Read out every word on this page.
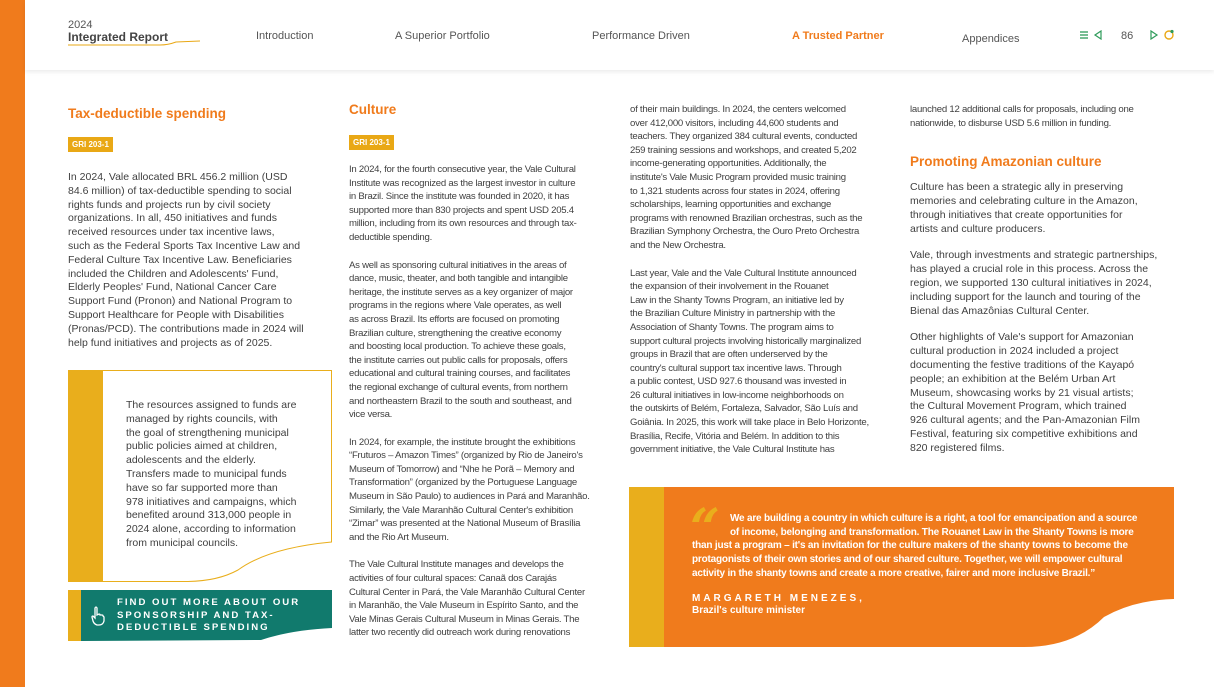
2024
Integrated Report	Introduction	A Superior Portfolio	Performance Driven	A Trusted Partner	Appendices	86
Tax-deductible spending
GRI 203-1
In 2024, Vale allocated BRL 456.2 million (USD
84.6 million) of tax-deductible spending to social
rights funds and projects run by civil society
organizations. In all, 450 initiatives and funds
received resources under tax incentive laws,
such as the Federal Sports Tax Incentive Law and
Federal Culture Tax Incentive Law. Beneficiaries
included the Children and Adolescents' Fund,
Elderly Peoples' Fund, National Cancer Care
Support Fund (Pronon) and National Program to
Support Healthcare for People with Disabilities
(Pronas/PCD). The contributions made in 2024 will
help fund initiatives and projects as of 2025.
The resources assigned to funds are
managed by rights councils, with
the goal of strengthening municipal
public policies aimed at children,
adolescents and the elderly.
Transfers made to municipal funds
have so far supported more than
978 initiatives and campaigns, which
benefited around 313,000 people in
2024 alone, according to information
from municipal councils.
FIND OUT MORE ABOUT OUR
SPONSORSHIP AND TAX-
DEDUCTIBLE SPENDING
Culture
GRI 203-1
In 2024, for the fourth consecutive year, the Vale Cultural
Institute was recognized as the largest investor in culture
in Brazil. Since the institute was founded in 2020, it has
supported more than 830 projects and spent USD 205.4
million, including from its own resources and through tax-
deductible spending.
As well as sponsoring cultural initiatives in the areas of
dance, music, theater, and both tangible and intangible
heritage, the institute serves as a key organizer of major
programs in the regions where Vale operates, as well
as across Brazil. Its efforts are focused on promoting
Brazilian culture, strengthening the creative economy
and boosting local production. To achieve these goals,
the institute carries out public calls for proposals, offers
educational and cultural training courses, and facilitates
the regional exchange of cultural events, from northern
and northeastern Brazil to the south and southeast, and
vice versa.
In 2024, for example, the institute brought the exhibitions
“Fruturos – Amazon Times” (organized by Rio de Janeiro's
Museum of Tomorrow) and “Nhe he Porã – Memory and
Transformation” (organized by the Portuguese Language
Museum in São Paulo) to audiences in Pará and Maranhão.
Similarly, the Vale Maranhão Cultural Center's exhibition
“Zimar” was presented at the National Museum of Brasília
and the Rio Art Museum.
The Vale Cultural Institute manages and develops the
activities of four cultural spaces: Canaã dos Carajás
Cultural Center in Pará, the Vale Maranhão Cultural Center
in Maranhão, the Vale Museum in Espírito Santo, and the
Vale Minas Gerais Cultural Museum in Minas Gerais. The
latter two recently did outreach work during renovations
of their main buildings. In 2024, the centers welcomed
over 412,000 visitors, including 44,600 students and
teachers. They organized 384 cultural events, conducted
259 training sessions and workshops, and created 5,202
income-generating opportunities. Additionally, the
institute's Vale Music Program provided music training
to 1,321 students across four states in 2024, offering
scholarships, learning opportunities and exchange
programs with renowned Brazilian orchestras, such as the
Brazilian Symphony Orchestra, the Ouro Preto Orchestra
and the New Orchestra.
Last year, Vale and the Vale Cultural Institute announced
the expansion of their involvement in the Rouanet
Law in the Shanty Towns Program, an initiative led by
the Brazilian Culture Ministry in partnership with the
Association of Shanty Towns. The program aims to
support cultural projects involving historically marginalized
groups in Brazil that are often underserved by the
country's cultural support tax incentive laws. Through
a public contest, USD 927.6 thousand was invested in
26 cultural initiatives in low-income neighborhoods on
the outskirts of Belém, Fortaleza, Salvador, São Luís and
Goiânia. In 2025, this work will take place in Belo Horizonte,
Brasília, Recife, Vitória and Belém. In addition to this
government initiative, the Vale Cultural Institute has
launched 12 additional calls for proposals, including one
nationwide, to disburse USD 5.6 million in funding.
Promoting Amazonian culture
Culture has been a strategic ally in preserving
memories and celebrating culture in the Amazon,
through initiatives that create opportunities for
artists and culture producers.
Vale, through investments and strategic partnerships,
has played a crucial role in this process. Across the
region, we supported 130 cultural initiatives in 2024,
including support for the launch and touring of the
Bienal das Amazônias Cultural Center.
Other highlights of Vale's support for Amazonian
cultural production in 2024 included a project
documenting the festive traditions of the Kayapó
people; an exhibition at the Belém Urban Art
Museum, showcasing works by 21 visual artists;
the Cultural Movement Program, which trained
926 cultural agents; and the Pan-Amazonian Film
Festival, featuring six competitive exhibitions and
820 registered films.
“	We are building a country in which culture is a right, a tool for emancipation and a source
of income, belonging and transformation. The Rouanet Law in the Shanty Towns is more
than just a program – it's an invitation for the culture makers of the shanty towns to become the
protagonists of their own stories and of our shared culture. Together, we will empower cultural
activity in the shanty towns and create a more creative, fairer and more inclusive Brazil.”
MARGARETH MENEZES,
Brazil's culture minister
